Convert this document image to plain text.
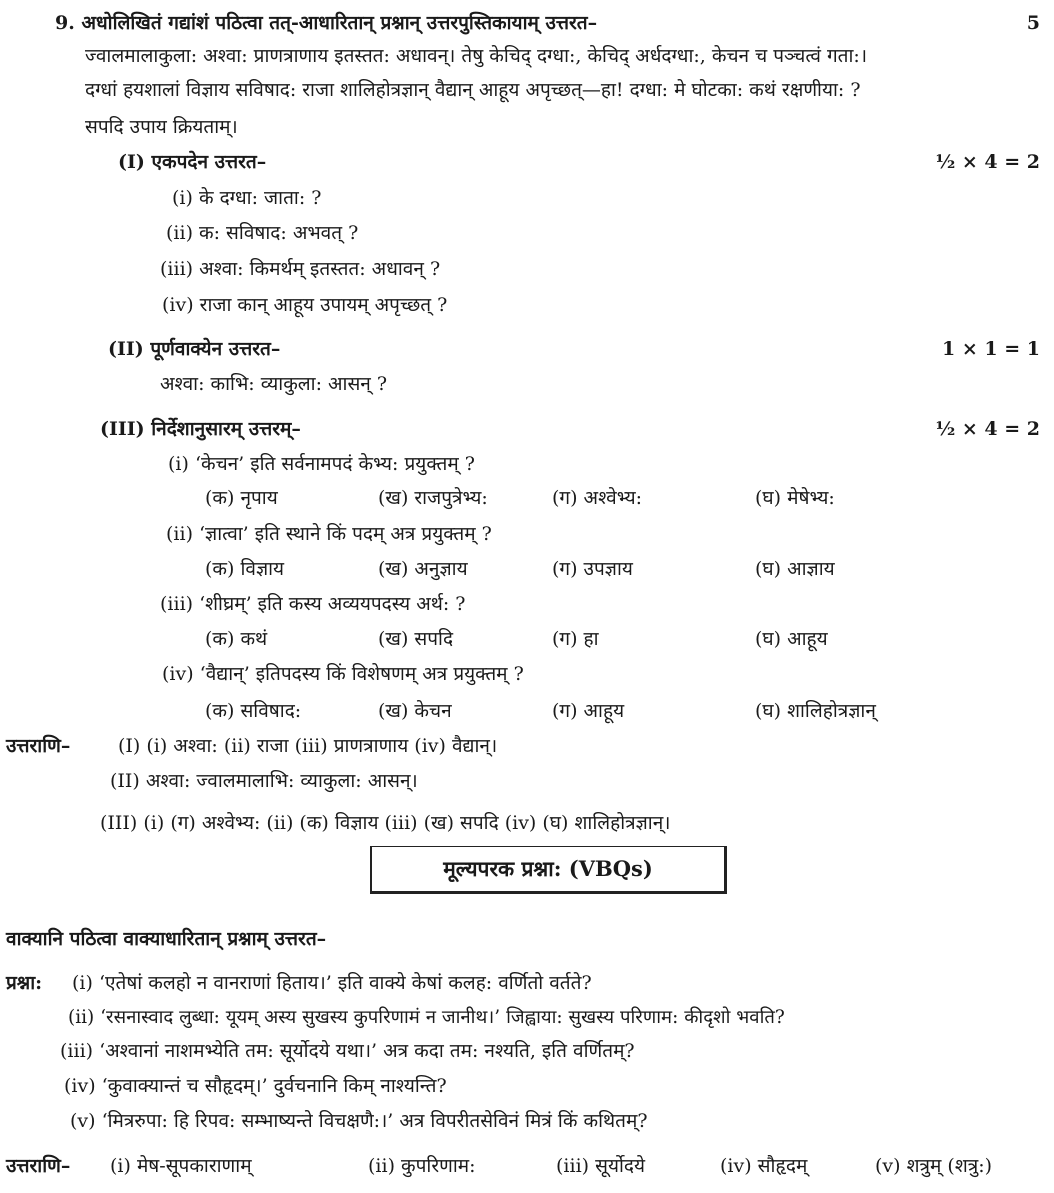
9. अधोलिखितं गद्यांशं पठित्वा तत्-आधारितान् प्रश्नान् उत्तरपुस्तिकायाम् उत्तरत–	5
ज्वालमालाकुला: अश्वा: प्राणत्राणाय इतस्तत: अधावन्। तेषु केचिद् दग्धा:, केचिद् अर्धदग्धा:, केचन च पञ्चत्वं गता:।
दग्धां हयशालां विज्ञाय सविषाद: राजा शालिहोत्रज्ञान् वैद्यान् आहूय अपृच्छत्—हा! दग्धा: मे घोटका: कथं रक्षणीया: ?
सपदि उपाय क्रियताम्।
(I) एकपदेन उत्तरत–	½ × 4 = 2
(i) के दग्धा: जाता: ?
(ii) क: सविषाद: अभवत् ?
(iii) अश्वा: किमर्थम् इतस्तत: अधावन् ?
(iv) राजा कान् आहूय उपायम् अपृच्छत् ?
(II) पूर्णवाक्येन उत्तरत–	1 × 1 = 1
अश्वा: काभि: व्याकुला: आसन् ?
(III) निर्देशानुसारम् उत्तरम्–	½ × 4 = 2
(i) ‘केचन’ इति सर्वनामपदं केभ्य: प्रयुक्तम् ?
(क) नृपाय	(ख) राजपुत्रेभ्य:	(ग) अश्वेभ्य:	(घ) मेषेभ्य:
(ii) ‘ज्ञात्वा’ इति स्थाने किं पदम् अत्र प्रयुक्तम् ?
(क) विज्ञाय	(ख) अनुज्ञाय	(ग) उपज्ञाय	(घ) आज्ञाय
(iii) ‘शीघ्रम्’ इति कस्य अव्ययपदस्य अर्थ: ?
(क) कथं	(ख) सपदि	(ग) हा	(घ) आहूय
(iv) ‘वैद्यान्’ इतिपदस्य किं विशेषणम् अत्र प्रयुक्तम् ?
(क) सविषाद:	(ख) केचन	(ग) आहूय	(घ) शालिहोत्रज्ञान्
उत्तराणि–	(I) (i) अश्वा: (ii) राजा (iii) प्राणत्राणाय (iv) वैद्यान्।
(II) अश्वा: ज्वालमालाभि: व्याकुला: आसन्।
(III) (i) (ग) अश्वेभ्य: (ii) (क) विज्ञाय (iii) (ख) सपदि (iv) (घ) शालिहोत्रज्ञान्।
मूल्यपरक प्रश्ना: (VBQs)
वाक्यानि पठित्वा वाक्याधारितान् प्रश्नाम् उत्तरत–
प्रश्ना: (i) ‘एतेषां कलहो न वानराणां हिताय।’ इति वाक्ये केषां कलह: वर्णितो वर्तते?
(ii) ‘रसनास्वाद लुब्धा: यूयम् अस्य सुखस्य कुपरिणामं न जानीथ।’ जिह्वाया: सुखस्य परिणाम: कीदृशो भवति?
(iii) ‘अश्वानां नाशमभ्येति तम: सूर्योदये यथा।’ अत्र कदा तम: नश्यति, इति वर्णितम्?
(iv) ‘कुवाक्यान्तं च सौहृदम्।’ दुर्वचनानि किम् नाश्यन्ति?
(v) ‘मित्ररुपा: हि रिपव: सम्भाष्यन्ते विचक्षणै:।’ अत्र विपरीतसेविनं मित्रं किं कथितम्?
उत्तराणि– (i) मेष-सूपकाराणाम्	(ii) कुपरिणाम:	(iii) सूर्योदये	(iv) सौहृदम्	(v) शत्रुम् (शत्रु:)
